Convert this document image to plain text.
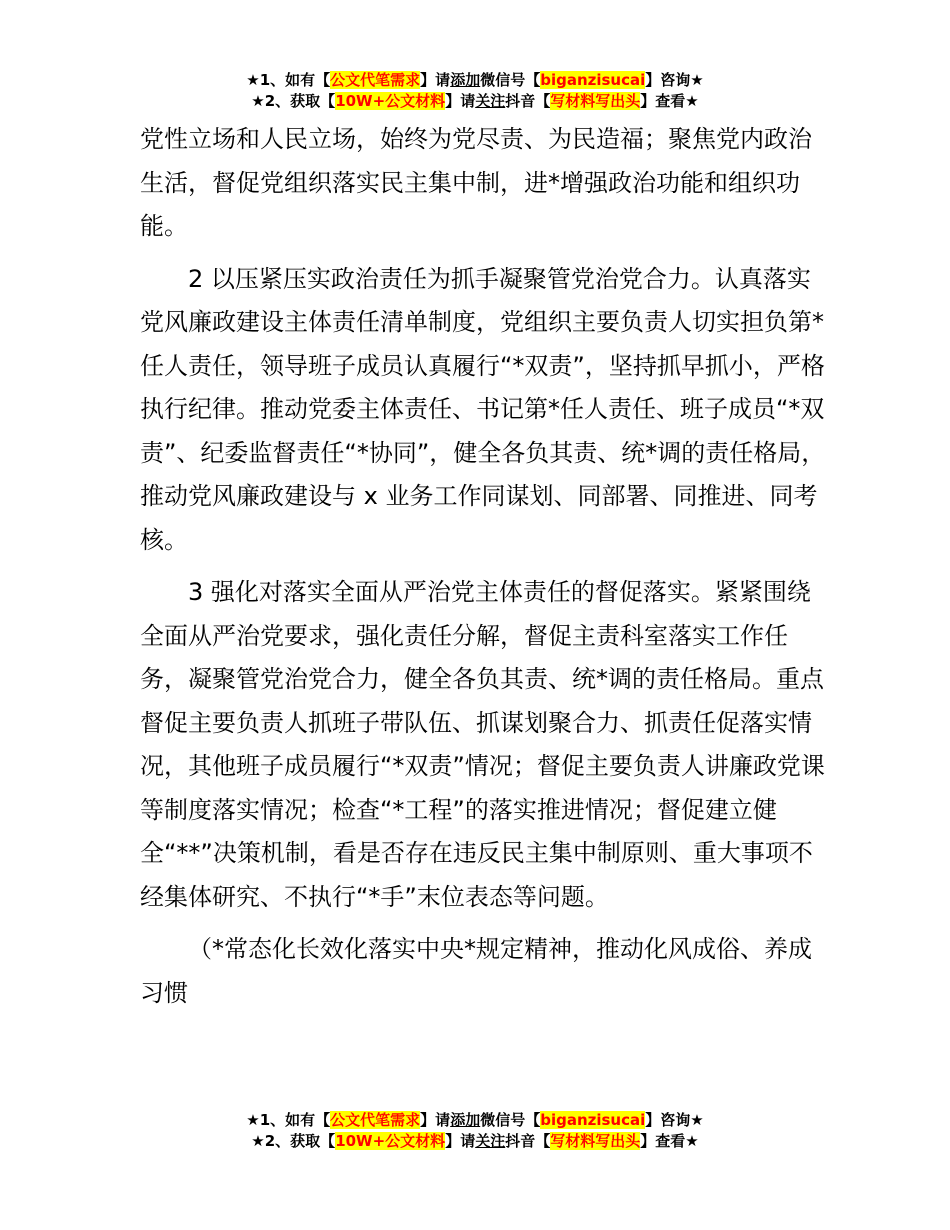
★1、如有【公文代笔需求】请添加微信号【biganzisucai】咨询★
★2、获取【10W+公文材料】请关注抖音【写材料写出头】查看★

党性立场和人民立场，始终为党尽责、为民造福；聚焦党内政治生活，督促党组织落实民主集中制，进*增强政治功能和组织功能。

2 以压紧压实政治责任为抓手凝聚管党治党合力。认真落实党风廉政建设主体责任清单制度，党组织主要负责人切实担负第*任人责任，领导班子成员认真履行“*双责”，坚持抓早抓小，严格执行纪律。推动党委主体责任、书记第*任人责任、班子成员“*双责”、纪委监督责任“*协同”，健全各负其责、统*调的责任格局，推动党风廉政建设与 x 业务工作同谋划、同部署、同推进、同考核。

3 强化对落实全面从严治党主体责任的督促落实。紧紧围绕全面从严治党要求，强化责任分解，督促主责科室落实工作任务，凝聚管党治党合力，健全各负其责、统*调的责任格局。重点督促主要负责人抓班子带队伍、抓谋划聚合力、抓责任促落实情况，其他班子成员履行“*双责”情况；督促主要负责人讲廉政党课等制度落实情况；检查“*工程”的落实推进情况；督促建立健全“**”决策机制，看是否存在违反民主集中制原则、重大事项不经集体研究、不执行“*手”末位表态等问题。

（*常态化长效化落实中央*规定精神，推动化风成俗、养成习惯

★1、如有【公文代笔需求】请添加微信号【biganzisucai】咨询★
★2、获取【10W+公文材料】请关注抖音【写材料写出头】查看★
